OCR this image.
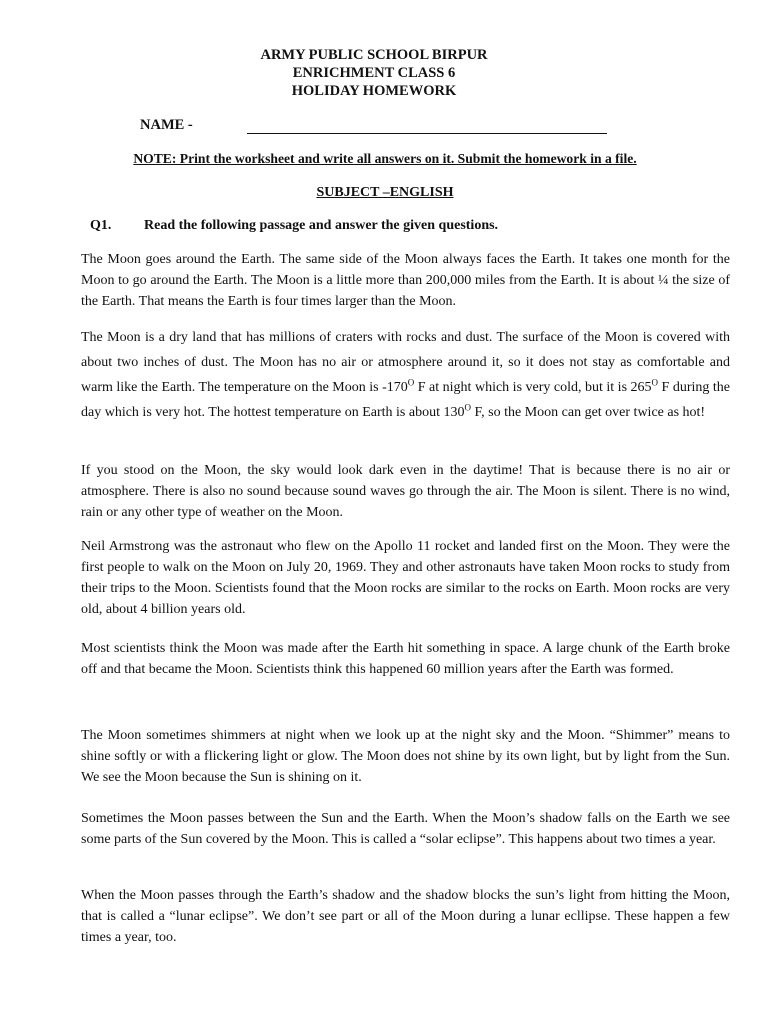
ARMY PUBLIC SCHOOL BIRPUR
ENRICHMENT CLASS 6
HOLIDAY HOMEWORK
NAME -
NOTE: Print the worksheet and write all answers on it. Submit the homework in a file.
SUBJECT –ENGLISH
Q1. Read the following passage and answer the given questions.

The Moon goes around the Earth. The same side of the Moon always faces the Earth. It takes one month for the Moon to go around the Earth. The Moon is a little more than 200,000 miles from the Earth. It is about ¼ the size of the Earth. That means the Earth is four times larger than the Moon.

The Moon is a dry land that has millions of craters with rocks and dust. The surface of the Moon is covered with about two inches of dust. The Moon has no air or atmosphere around it, so it does not stay as comfortable and warm like the Earth. The temperature on the Moon is $-170^O$ F at night which is very cold, but it is $265^O$ F during the day which is very hot. The hottest temperature on Earth is about $130^O$ F, so the Moon can get over twice as hot!

If you stood on the Moon, the sky would look dark even in the daytime! That is because there is no air or atmosphere. There is also no sound because sound waves go through the air. The Moon is silent. There is no wind, rain or any other type of weather on the Moon.

Neil Armstrong was the astronaut who flew on the Apollo 11 rocket and landed first on the Moon. They were the first people to walk on the Moon on July 20, 1969. They and other astronauts have taken Moon rocks to study from their trips to the Moon. Scientists found that the Moon rocks are similar to the rocks on Earth. Moon rocks are very old, about 4 billion years old.

Most scientists think the Moon was made after the Earth hit something in space. A large chunk of the Earth broke off and that became the Moon. Scientists think this happened 60 million years after the Earth was formed.

The Moon sometimes shimmers at night when we look up at the night sky and the Moon. “Shimmer” means to shine softly or with a flickering light or glow. The Moon does not shine by its own light, but by light from the Sun. We see the Moon because the Sun is shining on it.

Sometimes the Moon passes between the Sun and the Earth. When the Moon’s shadow falls on the Earth we see some parts of the Sun covered by the Moon. This is called a “solar eclipse”. This happens about two times a year.

When the Moon passes through the Earth’s shadow and the shadow blocks the sun’s light from hitting the Moon, that is called a “lunar eclipse”. We don’t see part or all of the Moon during a lunar ecllipse. These happen a few times a year, too.
